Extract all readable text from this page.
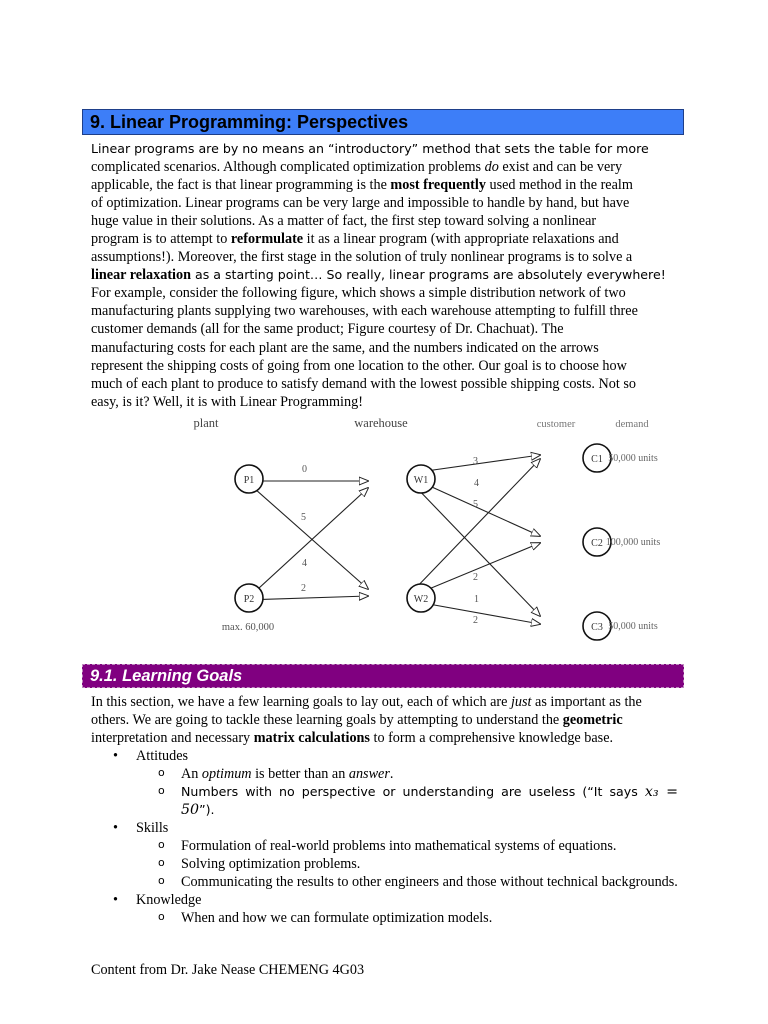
9. Linear Programming: Perspectives

Linear programs are by no means an “introductory” method that sets the table for more
complicated scenarios. Although complicated optimization problems do exist and can be very
applicable, the fact is that linear programming is the most frequently used method in the realm
of optimization. Linear programs can be very large and impossible to handle by hand, but have
huge value in their solutions. As a matter of fact, the first step toward solving a nonlinear
program is to attempt to reformulate it as a linear program (with appropriate relaxations and
assumptions!). Moreover, the first stage in the solution of truly nonlinear programs is to solve a
linear relaxation as a starting point… So really, linear programs are absolutely everywhere!
For example, consider the following figure, which shows a simple distribution network of two
manufacturing plants supplying two warehouses, with each warehouse attempting to fulfill three
customer demands (all for the same product; Figure courtesy of Dr. Chachuat). The
manufacturing costs for each plant are the same, and the numbers indicated on the arrows
represent the shipping costs of going from one location to the other. Our goal is to choose how
much of each plant to produce to satisfy demand with the lowest possible shipping costs. Not so
easy, is it? Well, it is with Linear Programming!

plant	warehouse	customer	demand
0
5
4
2
3
4
5
2
1
2
P1
P2
W1
W2
C1
C2
C3
max. 60,000
50,000 units
100,000 units
50,000 units
9.1. Learning Goals

In this section, we have a few learning goals to lay out, each of which are just as important as the
others. We are going to tackle these learning goals by attempting to understand the geometric
interpretation and necessary matrix calculations to form a comprehensive knowledge base.

• Attitudes
o An optimum is better than an answer.
o Numbers with no perspective or understanding are useless (“It says x₃ = 50”).
• Skills
o Formulation of real-world problems into mathematical systems of equations.
o Solving optimization problems.
o Communicating the results to other engineers and those without technical backgrounds.
• Knowledge
o When and how we can formulate optimization models.
Content from Dr. Jake Nease CHEMENG 4G03
